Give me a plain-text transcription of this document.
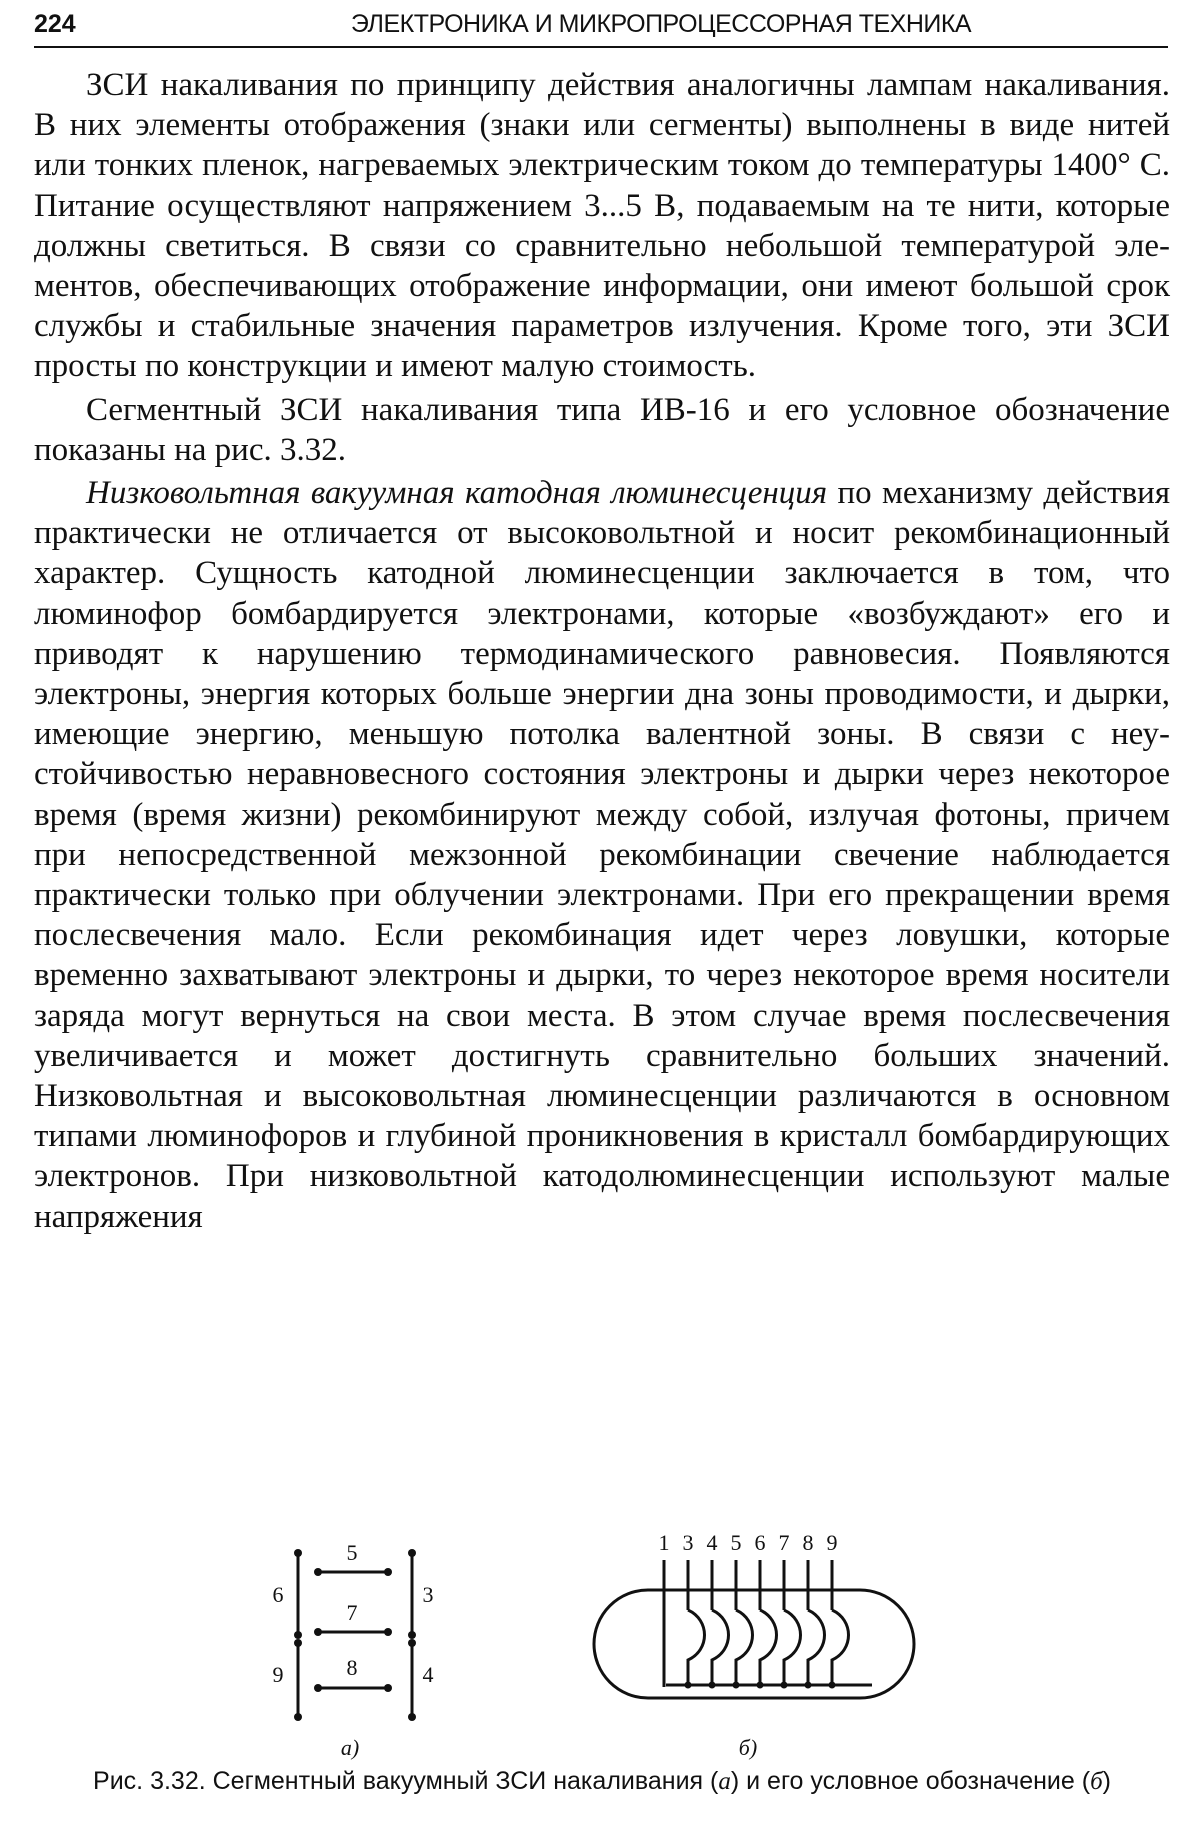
224	ЭЛЕКТРОНИКА И МИКРОПРОЦЕССОРНАЯ ТЕХНИКА

ЗСИ накаливания по принципу действия аналогичны лампам накаливания. В них элементы отображения (знаки или сегменты) выполнены в виде нитей или тонких пленок, нагреваемых электрическим током до температуры 1400° С. Питание осуществляют напряжением 3...5 В, подаваемым на те нити, которые должны светиться. В связи со сравнительно небольшой температурой элементов, обеспечивающих отображение информации, они имеют большой срок службы и стабильные значения параметров излучения. Кроме того, эти ЗСИ просты по конструкции и имеют малую стоимость.

Сегментный ЗСИ накаливания типа ИВ-16 и его условное обозначение показаны на рис. 3.32.

Низковольтная вакуумная катодная люминесценция по механизму действия практически не отличается от высоковольтной и носит рекомбинационный характер. Сущность катодной люминесценции заключается в том, что люминофор бомбардируется электронами, которые «возбуждают» его и приводят к нарушению термодинамического равновесия. Появляются электроны, энергия которых больше энергии дна зоны проводимости, и дырки, имеющие энергию, меньшую потолка валентной зоны. В связи с неустойчивостью неравновесного состояния электроны и дырки через некоторое время (время жизни) рекомбинируют между собой, излучая фотоны, причем при непосредственной межзонной рекомбинации свечение наблюдается практически только при облучении электронами. При его прекращении время послесвечения мало. Если рекомбинация идет через ловушки, которые временно захватывают электроны и дырки, то через некоторое время носители заряда могут вернуться на свои места. В этом случае время послесвечения увеличивается и может достигнуть сравнительно больших значений. Низковольтная и высоковольтная люминесценции различаются в основном типами люминофоров и глубиной проникновения в кристалл бомбардирующих электронов. При низковольтной катодолюминесценции используют малые напряжения

5
6
7
3
9	8	4
а)
1 3 4 5 6 7 8 9
б)
Рис. 3.32. Сегментный вакуумный ЗСИ накаливания (а) и его условное обозначение (б)
